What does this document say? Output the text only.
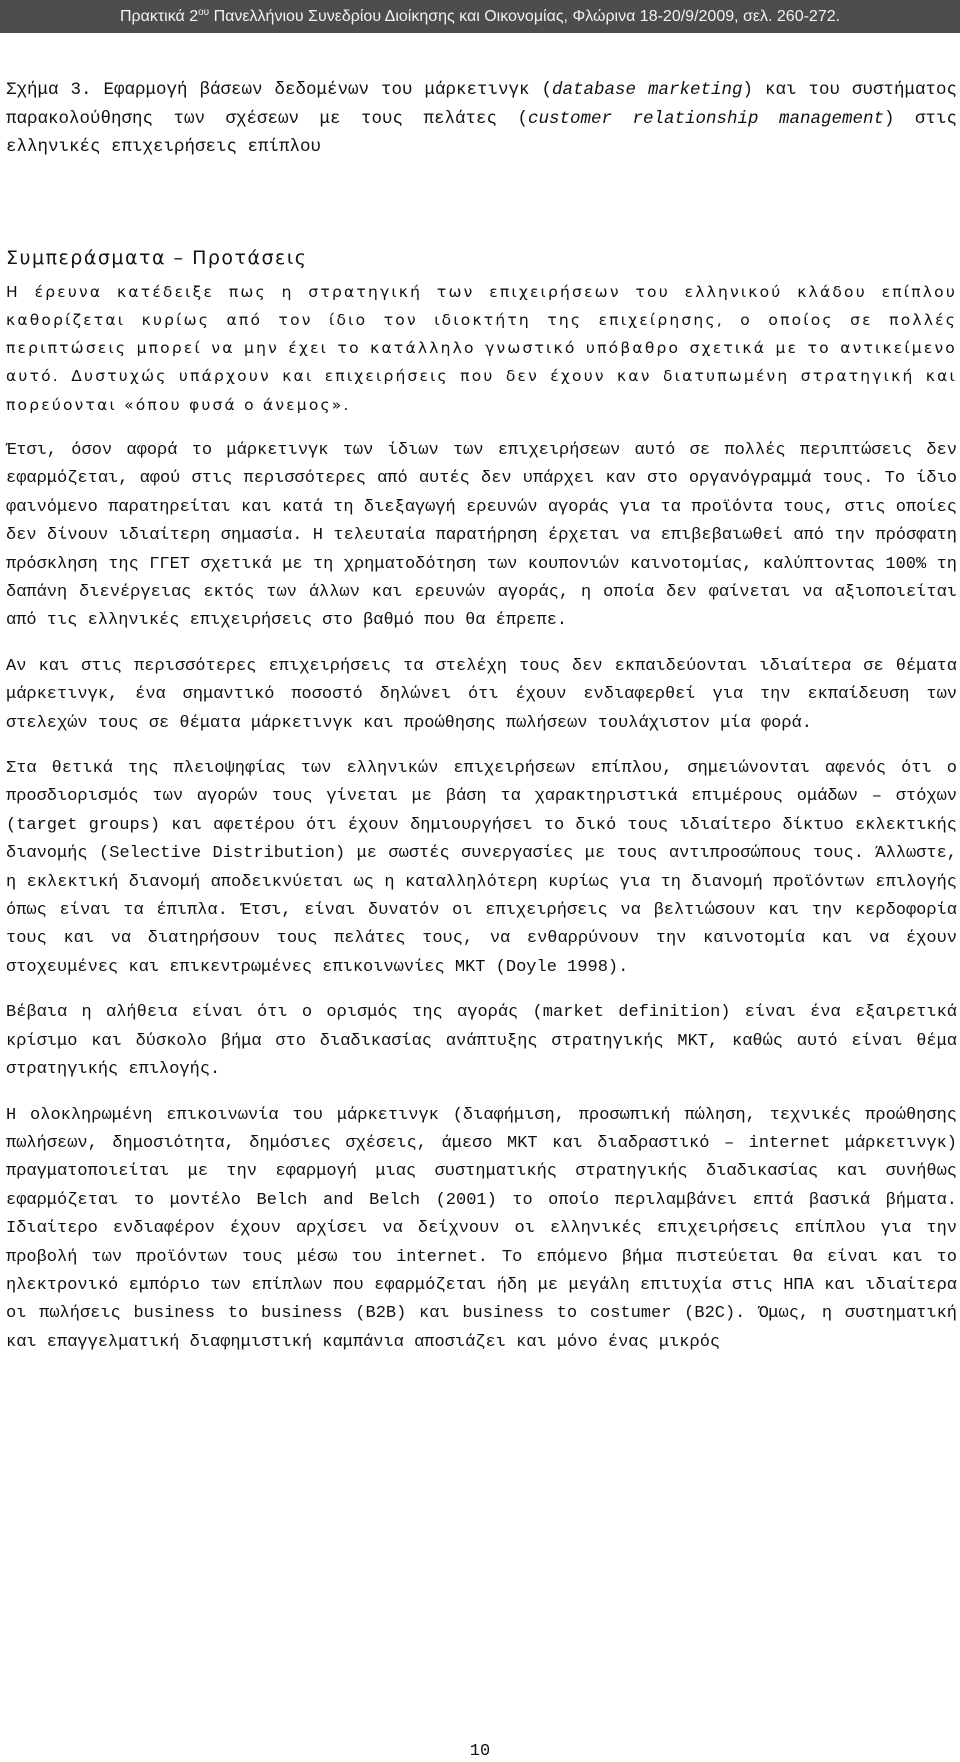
Πρακτικά $2^{o\upsilon}$ Πανελλήνιου Συνεδρίου Διοίκησης και Οικονομίας, Φλώρινα 18-20/9/2009, σελ. 260-272.

Σχήμα 3. Εφαρμογή βάσεων δεδομένων του μάρκετινγκ (database marketing) και του συστήματος παρακολούθησης των σχέσεων με τους πελάτες (customer relationship management) στις ελληνικές επιχειρήσεις επίπλου

Συμπεράσματα – Προτάσεις

Η έρευνα κατέδειξε πως η στρατηγική των επιχειρήσεων του ελληνικού κλάδου επίπλου καθορίζεται κυρίως από τον ίδιο τον ιδιοκτήτη της επιχείρησης, ο οποίος σε πολλές περιπτώσεις μπορεί να μην έχει το κατάλληλο γνωστικό υπόβαθρο σχετικά με το αντικείμενο αυτό. Δυστυχώς υπάρχουν και επιχειρήσεις που δεν έχουν καν διατυπωμένη στρατηγική και πορεύονται «όπου φυσά ο άνεμος».

Έτσι, όσον αφορά το μάρκετινγκ των ίδιων των επιχειρήσεων αυτό σε πολλές περιπτώσεις δεν εφαρμόζεται, αφού στις περισσότερες από αυτές δεν υπάρχει καν στο οργανόγραμμά τους. Το ίδιο φαινόμενο παρατηρείται και κατά τη διεξαγωγή ερευνών αγοράς για τα προϊόντα τους, στις οποίες δεν δίνουν ιδιαίτερη σημασία. Η τελευταία παρατήρηση έρχεται να επιβεβαιωθεί από την πρόσφατη πρόσκληση της ΓΓΕΤ σχετικά με τη χρηματοδότηση των κουπονιών καινοτομίας, καλύπτοντας 100% τη δαπάνη διενέργειας εκτός των άλλων και ερευνών αγοράς, η οποία δεν φαίνεται να αξιοποιείται από τις ελληνικές επιχειρήσεις στο βαθμό που θα έπρεπε.

Αν και στις περισσότερες επιχειρήσεις τα στελέχη τους δεν εκπαιδεύονται ιδιαίτερα σε θέματα μάρκετινγκ, ένα σημαντικό ποσοστό δηλώνει ότι έχουν ενδιαφερθεί για την εκπαίδευση των στελεχών τους σε θέματα μάρκετινγκ και προώθησης πωλήσεων τουλάχιστον μία φορά.

Στα θετικά της πλειοψηφίας των ελληνικών επιχειρήσεων επίπλου, σημειώνονται αφενός ότι ο προσδιορισμός των αγορών τους γίνεται με βάση τα χαρακτηριστικά επιμέρους ομάδων – στόχων (target groups) και αφετέρου ότι έχουν δημιουργήσει το δικό τους ιδιαίτερο δίκτυο εκλεκτικής διανομής (Selective Distribution) με σωστές συνεργασίες με τους αντιπροσώπους τους. Άλλωστε, η εκλεκτική διανομή αποδεικνύεται ως η καταλληλότερη κυρίως για τη διανομή προϊόντων επιλογής όπως είναι τα έπιπλα. Έτσι, είναι δυνατόν οι επιχειρήσεις να βελτιώσουν και την κερδοφορία τους και να διατηρήσουν τους πελάτες τους, να ενθαρρύνουν την καινοτομία και να έχουν στοχευμένες και επικεντρωμένες επικοινωνίες ΜΚΤ (Doyle 1998).

Βέβαια η αλήθεια είναι ότι ο ορισμός της αγοράς (market definition) είναι ένα εξαιρετικά κρίσιμο και δύσκολο βήμα στο διαδικασίας ανάπτυξης στρατηγικής ΜΚΤ, καθώς αυτό είναι θέμα στρατηγικής επιλογής.

Η ολοκληρωμένη επικοινωνία του μάρκετινγκ (διαφήμιση, προσωπική πώληση, τεχνικές προώθησης πωλήσεων, δημοσιότητα, δημόσιες σχέσεις, άμεσο ΜΚΤ και διαδραστικό – internet μάρκετινγκ) πραγματοποιείται με την εφαρμογή μιας συστηματικής στρατηγικής διαδικασίας και συνήθως εφαρμόζεται το μοντέλο Belch and Belch (2001) το οποίο περιλαμβάνει επτά βασικά βήματα. Ιδιαίτερο ενδιαφέρον έχουν αρχίσει να δείχνουν οι ελληνικές επιχειρήσεις επίπλου για την προβολή των προϊόντων τους μέσω του internet. Το επόμενο βήμα πιστεύεται θα είναι και το ηλεκτρονικό εμπόριο των επίπλων που εφαρμόζεται ήδη με μεγάλη επιτυχία στις ΗΠΑ και ιδιαίτερα οι πωλήσεις business to business (B2B) και business to costumer (B2C). Όμως, η συστηματική και επαγγελματική διαφημιστική καμπάνια αποσιάζει και μόνο ένας μικρός

10
